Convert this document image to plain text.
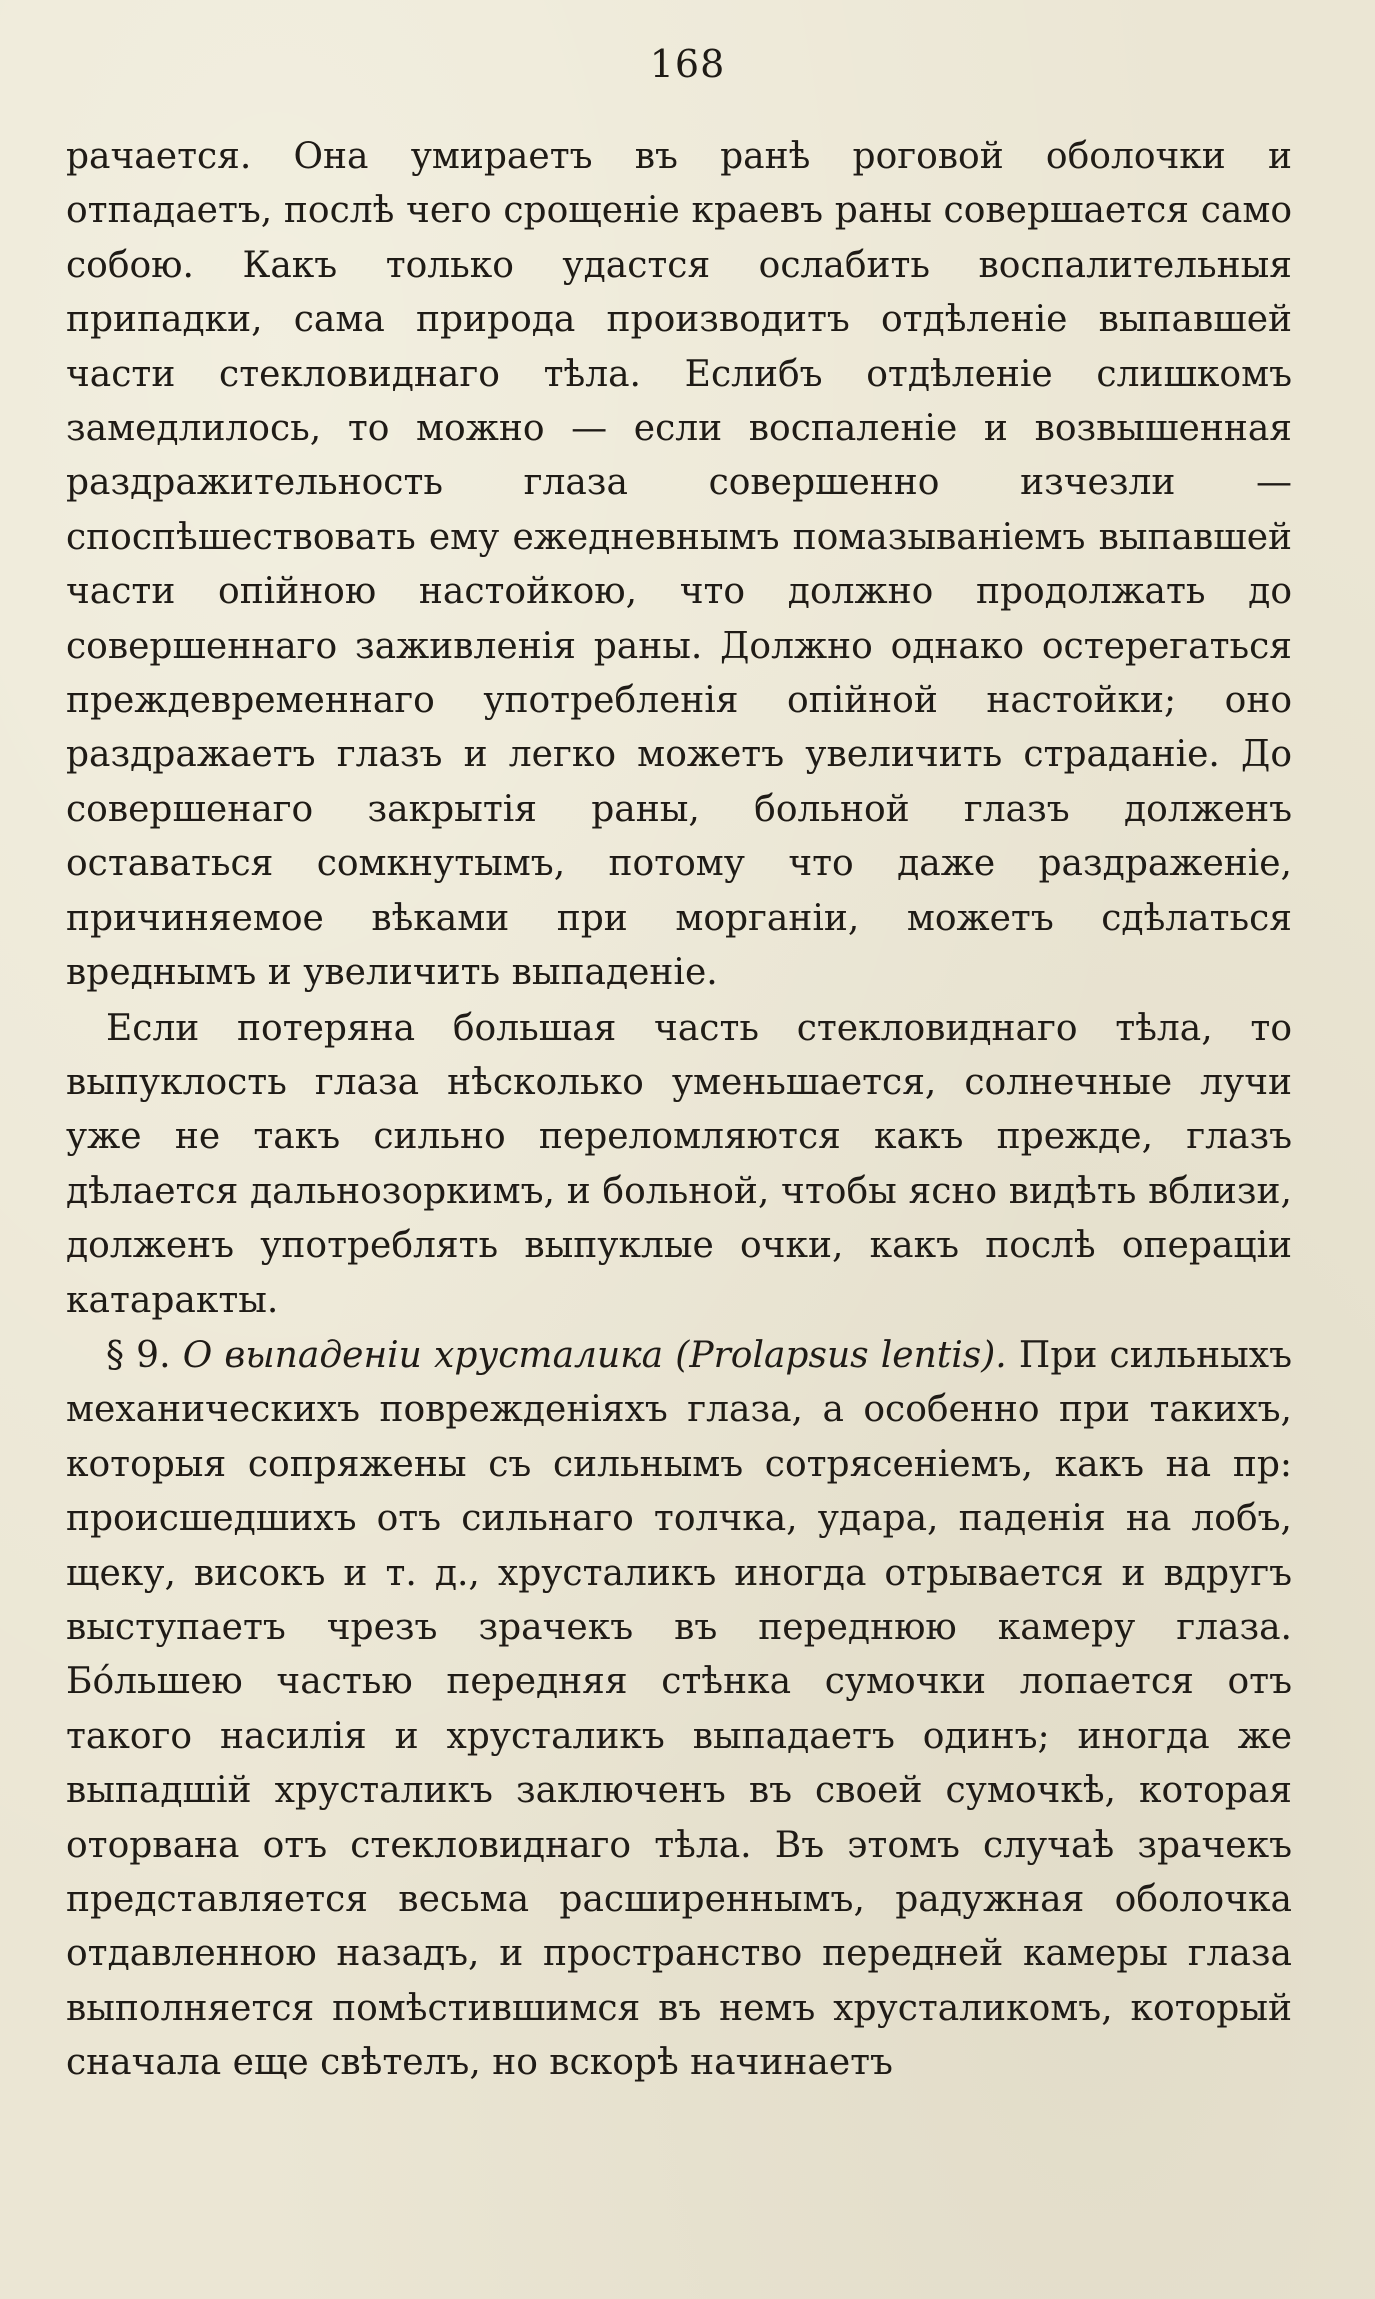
168

рачается. Она умираетъ въ ранѣ роговой оболочки и отпадаетъ, послѣ чего срощеніе краевъ раны совершается само собою. Какъ только удастся ослабить воспалительныя припадки, сама природа производитъ отдѣленіе выпавшей части стекловиднаго тѣла. Еслибъ отдѣленіе слишкомъ замедлилось, то можно — если воспаленіе и возвышенная раздражительность глаза совершенно изчезли — споспѣшествовать ему ежедневнымъ помазываніемъ выпавшей части опійною настойкою, что должно продолжать до совершеннаго заживленія раны. Должно однако остерегаться преждевременнаго употребленія опійной настойки; оно раздражаетъ глазъ и легко можетъ увеличить страданіе. До совершенаго закрытія раны, больной глазъ долженъ оставаться сомкнутымъ, потому что даже раздраженіе, причиняемое вѣками при морганіи, можетъ сдѣлаться вреднымъ и увеличить выпаденіе.

Если потеряна большая часть стекловиднаго тѣла, то выпуклость глаза нѣсколько уменьшается, солнечные лучи уже не такъ сильно переломляются какъ прежде, глазъ дѣлается дальнозоркимъ, и больной, чтобы ясно видѣть вблизи, долженъ употреблять выпуклые очки, какъ послѣ операціи катаракты.

§ 9. О выпаденіи хрусталика (Prolapsus lentis). При сильныхъ механическихъ поврежденіяхъ глаза, а особенно при такихъ, которыя сопряжены съ сильнымъ сотрясеніемъ, какъ на пр: происшедшихъ отъ сильнаго толчка, удара, паденія на лобъ, щеку, високъ и т. д., хрусталикъ иногда отрывается и вдругъ выступаетъ чрезъ зрачекъ въ переднюю камеру глаза. Бо́льшею частью передняя стѣнка сумочки лопается отъ такого насилія и хрусталикъ выпадаетъ одинъ; иногда же выпадшій хрусталикъ заключенъ въ своей сумочкѣ, которая оторвана отъ стекловиднаго тѣла. Въ этомъ случаѣ зрачекъ представляется весьма расширеннымъ, радужная оболочка отдавленною назадъ, и пространство передней камеры глаза выполняется помѣстившимся въ немъ хрусталикомъ, который сначала еще свѣтелъ, но вскорѣ начинаетъ
